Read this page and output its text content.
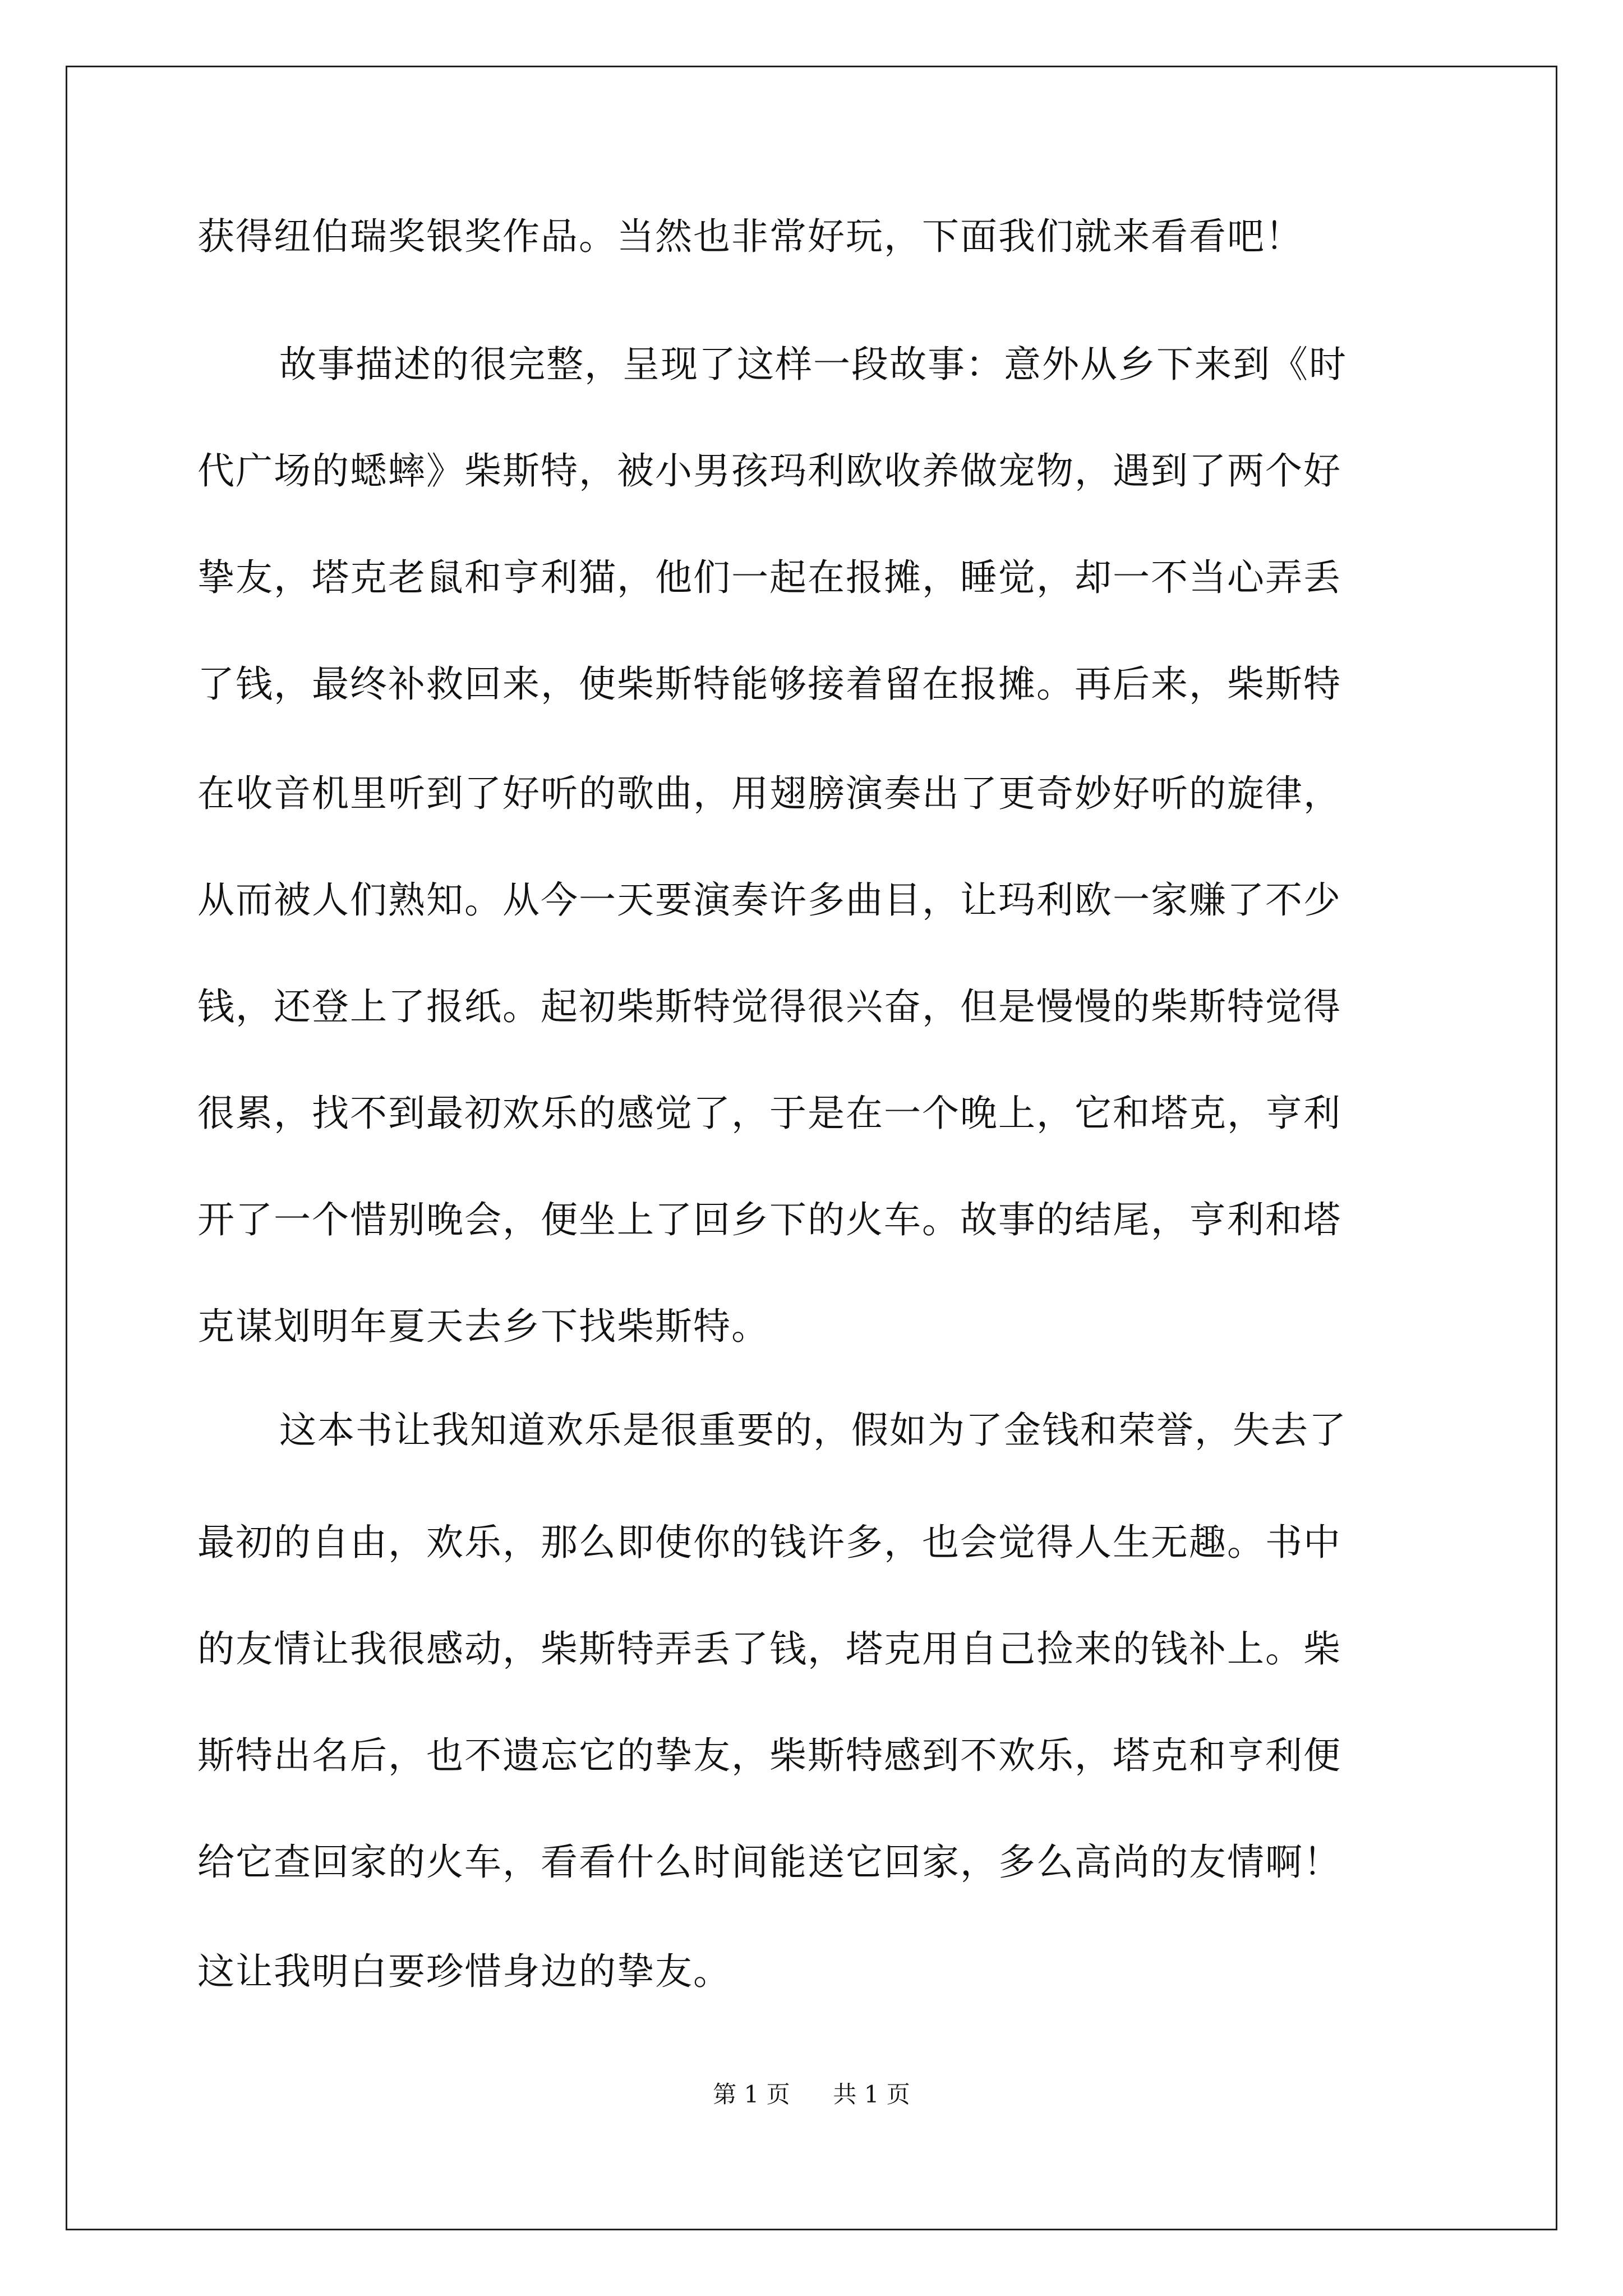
获得纽伯瑞奖银奖作品。当然也非常好玩，下面我们就来看看吧！
故事描述的很完整，呈现了这样一段故事：意外从乡下来到《时
代广场的蟋蟀》柴斯特，被小男孩玛利欧收养做宠物，遇到了两个好
挚友，塔克老鼠和亨利猫，他们一起在报摊，睡觉，却一不当心弄丢
了钱，最终补救回来，使柴斯特能够接着留在报摊。再后来，柴斯特
在收音机里听到了好听的歌曲，用翅膀演奏出了更奇妙好听的旋律，
从而被人们熟知。从今一天要演奏许多曲目，让玛利欧一家赚了不少
钱，还登上了报纸。起初柴斯特觉得很兴奋，但是慢慢的柴斯特觉得
很累，找不到最初欢乐的感觉了，于是在一个晚上，它和塔克，亨利
开了一个惜别晚会，便坐上了回乡下的火车。故事的结尾，亨利和塔
克谋划明年夏天去乡下找柴斯特。
这本书让我知道欢乐是很重要的，假如为了金钱和荣誉，失去了
最初的自由，欢乐，那么即使你的钱许多，也会觉得人生无趣。书中
的友情让我很感动，柴斯特弄丢了钱，塔克用自己捡来的钱补上。柴
斯特出名后，也不遗忘它的挚友，柴斯特感到不欢乐，塔克和亨利便
给它查回家的火车，看看什么时间能送它回家，多么高尚的友情啊！
这让我明白要珍惜身边的挚友。
第 1 页 共 1 页
